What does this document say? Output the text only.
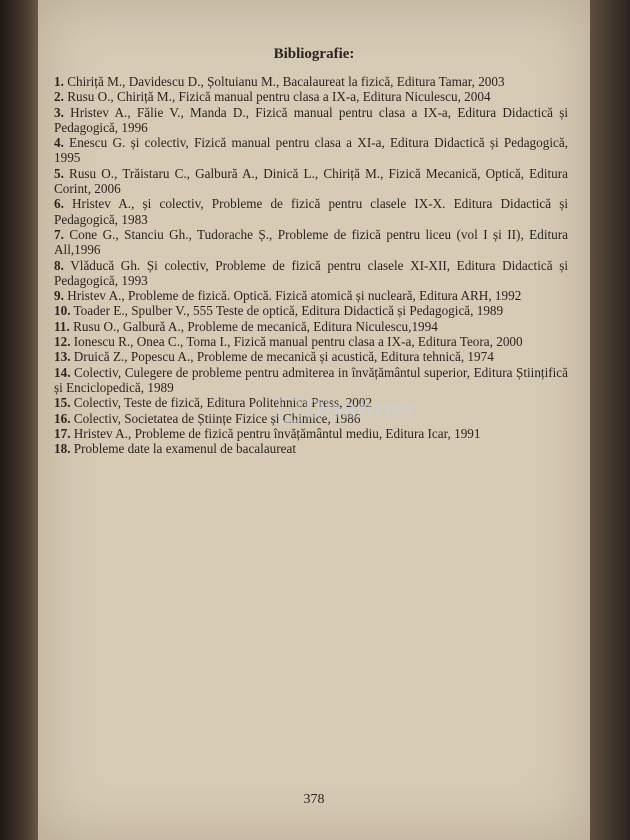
Bibliografie:

1. Chiriță M., Davidescu D., Șoltuianu M., Bacalaureat la fizică, Editura Tamar, 2003

2. Rusu O., Chiriță M., Fizică manual pentru clasa a IX-a, Editura Niculescu, 2004

3. Hristev A., Fălie V., Manda D., Fizică manual pentru clasa a IX-a, Editura Didactică și Pedagogică, 1996

4. Enescu G. și colectiv, Fizică manual pentru clasa a XI-a, Editura Didactică și Pedagogică, 1995

5. Rusu O., Trăistaru C., Galbură A., Dinică L., Chiriță M., Fizică Mecanică, Optică, Editura Corint, 2006

6. Hristev A., și colectiv, Probleme de fizică pentru clasele IX-X. Editura Didactică și Pedagogică, 1983

7. Cone G., Stanciu Gh., Tudorache Ș., Probleme de fizică pentru liceu (vol I și II), Editura All,1996

8. Vlăducă Gh. Și colectiv, Probleme de fizică pentru clasele XI-XII, Editura Didactică și Pedagogică, 1993

9. Hristev A., Probleme de fizică. Optică. Fizică atomică și nucleară, Editura ARH, 1992

10. Toader E., Spulber V., 555 Teste de optică, Editura Didactică și Pedagogică, 1989

11. Rusu O., Galbură A., Probleme de mecanică, Editura Niculescu,1994

12. Ionescu R., Onea C., Toma I., Fizică manual pentru clasa a IX-a, Editura Teora, 2000

13. Druică Z., Popescu A., Probleme de mecanică și acustică, Editura tehnică, 1974

14. Colectiv, Culegere de probleme pentru admiterea in învățământul superior, Editura Științifică și Enciclopedică, 1989

15. Colectiv, Teste de fizică, Editura Politehnica Press, 2002

16. Colectiv, Societatea de Științe Fizice și Chimice, 1986

17. Hristev A., Probleme de fizică pentru învățământul mediu, Editura Icar, 1991

18. Probleme date la examenul de bacalaureat

Dbanner
378
